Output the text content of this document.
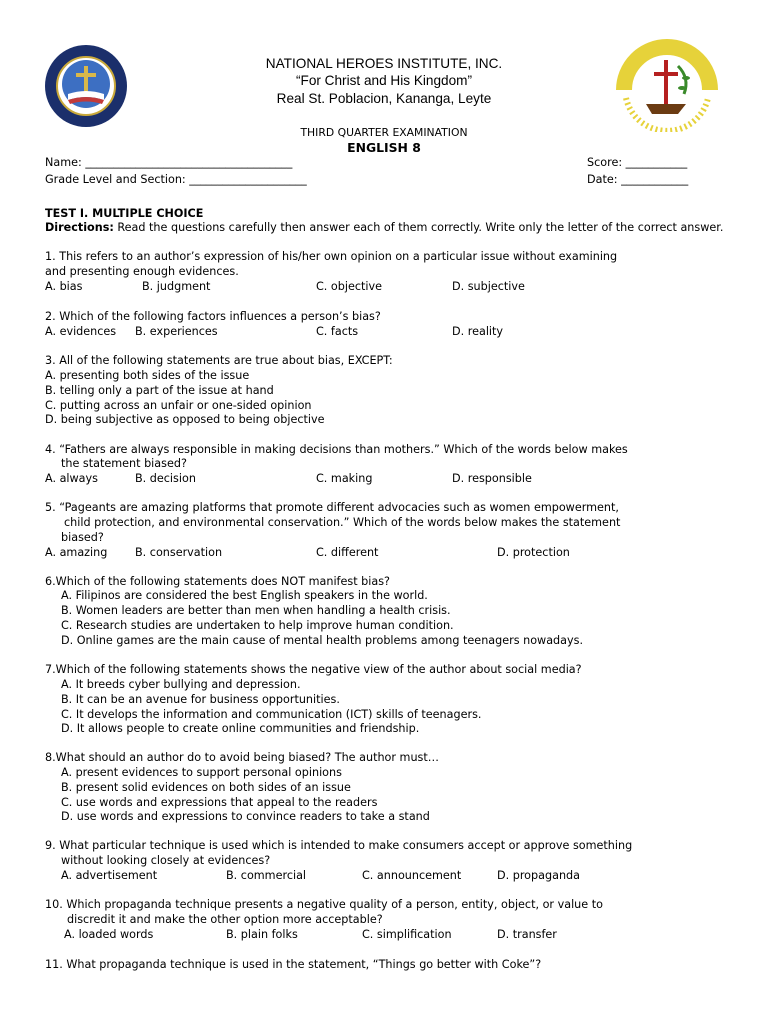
NATIONAL HEROES INSTITUTE, INC.
“For Christ and His Kingdom”
Real St. Poblacion, Kananga, Leyte
THIRD QUARTER EXAMINATION
ENGLISH 8
Name: _____________________________________
Grade Level and Section: _____________________
Score: ___________
Date: ____________
TEST I. MULTIPLE CHOICE
Directions: Read the questions carefully then answer each of them correctly. Write only the letter of the correct answer.
1. This refers to an author’s expression of his/her own opinion on a particular issue without examining
and presenting enough evidences.
A. bias	B. judgment	C. objective	D. subjective
2. Which of the following factors influences a person’s bias?
A. evidences B. experiences	C. facts	D. reality
3. All of the following statements are true about bias, EXCEPT:
A. presenting both sides of the issue
B. telling only a part of the issue at hand
C. putting across an unfair or one-sided opinion
D. being subjective as opposed to being objective
4. “Fathers are always responsible in making decisions than mothers.” Which of the words below makes
the statement biased?
A. always	B. decision	C. making	D. responsible
5. “Pageants are amazing platforms that promote different advocacies such as women empowerment,
child protection, and environmental conservation.” Which of the words below makes the statement
biased?
A. amazing B. conservation	C. different	D. protection
6.Which of the following statements does NOT manifest bias?
A. Filipinos are considered the best English speakers in the world.
B. Women leaders are better than men when handling a health crisis.
C. Research studies are undertaken to help improve human condition.
D. Online games are the main cause of mental health problems among teenagers nowadays.
7.Which of the following statements shows the negative view of the author about social media?
A. It breeds cyber bullying and depression.
B. It can be an avenue for business opportunities.
C. It develops the information and communication (ICT) skills of teenagers.
D. It allows people to create online communities and friendship.
8.What should an author do to avoid being biased? The author must…
A. present evidences to support personal opinions
B. present solid evidences on both sides of an issue
C. use words and expressions that appeal to the readers
D. use words and expressions to convince readers to take a stand
9. What particular technique is used which is intended to make consumers accept or approve something
without looking closely at evidences?
A. advertisement	B. commercial	C. announcement	D. propaganda
10. Which propaganda technique presents a negative quality of a person, entity, object, or value to
discredit it and make the other option more acceptable?
A. loaded words	B. plain folks	C. simplification	D. transfer
11. What propaganda technique is used in the statement, “Things go better with Coke”?
